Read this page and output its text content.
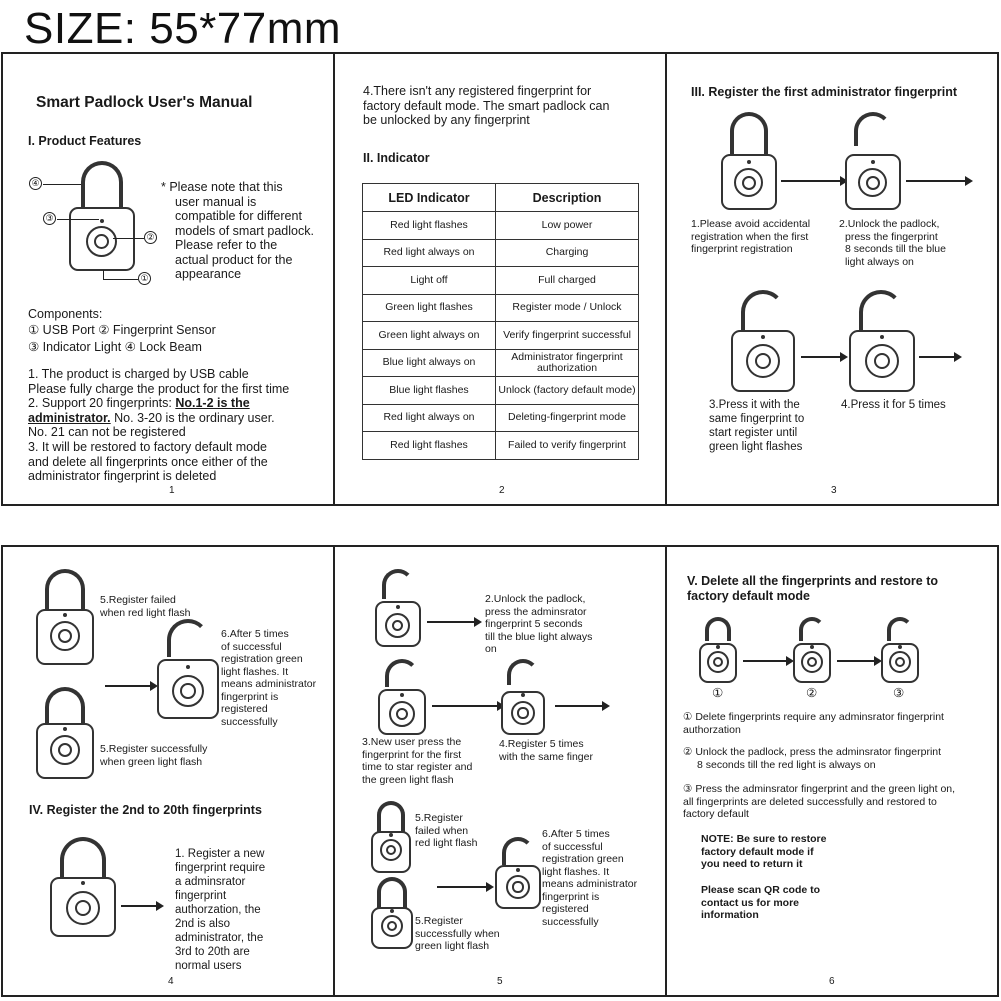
SIZE: 55*77mm
Smart Padlock User's Manual
I. Product Features
④
③
②
①
* Please note that this
user manual is
compatible for different
models of smart padlock.
Please refer to the
actual product for the
appearance
Components:
① USB Port ② Fingerprint Sensor
③ Indicator Light ④ Lock Beam
1. The product is charged by USB cable
Please fully charge the product for the first time
2. Support 20 fingerprints: No.1-2 is the
administrator. No. 3-20 is the ordinary user.
No. 21 can not be registered
3. It will be restored to factory default mode
and delete all fingerprints once either of the
administrator fingerprint is deleted
1
4.There isn't any registered fingerprint for
factory default mode. The smart padlock can
be unlocked by any fingerprint
II. Indicator
LED Indicator	Description
Red light flashes	Low power
Red light always on	Charging
Light off	Full charged
Green light flashes	Register mode / Unlock
Green light always on	Verify fingerprint successful
Blue light always on	Administrator fingerprint authorization
Blue light flashes	Unlock (factory default mode)
Red light always on	Deleting-fingerprint mode
Red light flashes	Failed to verify fingerprint
2
III. Register the first administrator fingerprint
1.Please avoid accidental
registration when the first
fingerprint registration
2.Unlock the padlock,
press the fingerprint
8 seconds till the blue
light always on
3.Press it with the
same fingerprint to
start register until
green light flashes
4.Press it for 5 times
3
5.Register failed
when red light flash
6.After 5 times
of successful
registration green
light flashes. It
means administrator
fingerprint is
registered
successfully
5.Register successfully
when green light flash
IV. Register the 2nd to 20th fingerprints
1. Register a new
fingerprint require
a adminsrator
fingerprint
authorzation, the
2nd is also
administrator, the
3rd to 20th are
normal users
4
2.Unlock the padlock,
press the adminsrator
fingerprint 5 seconds
till the blue light always
on
3.New user press the
fingerprint for the first
time to star register and
the green light flash
4.Register 5 times
with the same finger
5.Register
failed when
red light flash
6.After 5 times
of successful
registration green
light flashes. It
means administrator
fingerprint is
registered
successfully
5.Register
successfully when
green light flash
5
V. Delete all the fingerprints and restore to
factory default mode
①	②	③
① Delete fingerprints require any adminsrator fingerprint
authorzation
② Unlock the padlock, press the adminsrator fingerprint
8 seconds till the red light is always on
③ Press the adminsrator fingerprint and the green light on,
all fingerprints are deleted successfully and restored to
factory default
NOTE: Be sure to restore
factory default mode if
you need to return it
Please scan QR code to
contact us for more
information
6
